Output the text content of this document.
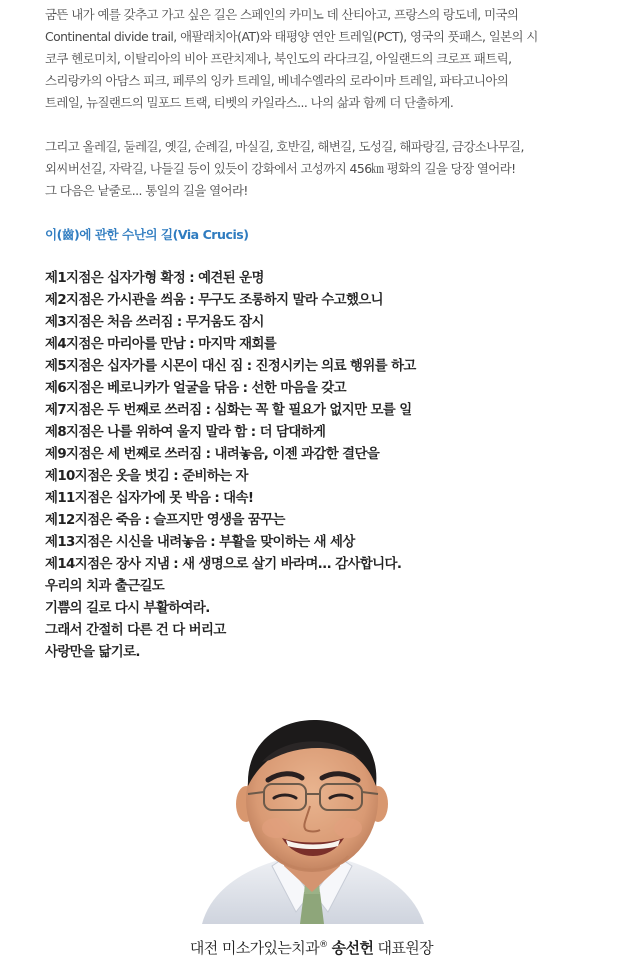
굼뜬 내가 예를 갖추고 가고 싶은 길은 스페인의 카미노 데 산티아고, 프랑스의 랑도네, 미국의
Continental divide trail, 애팔래치아(AT)와 태평양 연안 트레일(PCT), 영국의 풋패스, 일본의 시
코쿠 헨로미치, 이탈리아의 비아 프란치제나, 북인도의 라다크길, 아일랜드의 크로프 패트릭,
스리랑카의 아담스 피크, 페루의 잉카 트레일, 베네수엘라의 로라이마 트레일, 파타고니아의
트레일, 뉴질랜드의 밀포드 트랙, 티벳의 카일라스... 나의 삶과 함께 더 단출하게.

그리고 올레길, 둘레길, 옛길, 순례길, 마실길, 호반길, 해변길, 도성길, 해파랑길, 금강소나무길,
외씨버선길, 자락길, 나들길 등이 있듯이 강화에서 고성까지 456㎞ 평화의 길을 당장 열어라!
그 다음은 낱줄로... 통일의 길을 열어라!

이(齒)에 관한 수난의 길(Via Crucis)
제1지점은 십자가형 확정 : 예견된 운명
제2지점은 가시관을 씌움 : 무구도 조롱하지 말라 수고했으니
제3지점은 처음 쓰러짐 : 무거움도 잠시
제4지점은 마리아를 만남 : 마지막 재회를
제5지점은 십자가를 시몬이 대신 짐 : 진정시키는 의료 행위를 하고
제6지점은 베로니카가 얼굴을 닦음 : 선한 마음을 갖고
제7지점은 두 번째로 쓰러짐 : 심화는 꼭 할 필요가 없지만 모를 일
제8지점은 나를 위하여 울지 말라 함 : 더 담대하게
제9지점은 세 번째로 쓰러짐 : 내려놓음, 이젠 과감한 결단을
제10지점은 옷을 벗김 : 준비하는 자
제11지점은 십자가에 못 박음 : 대속!
제12지점은 죽음 : 슬프지만 영생을 꿈꾸는
제13지점은 시신을 내려놓음 : 부활을 맞이하는 새 세상
제14지점은 장사 지냄 : 새 생명으로 살기 바라며... 감사합니다.
우리의 치과 출근길도
기쁨의 길로 다시 부활하여라.
그래서 간절히 다른 건 다 버리고
사랑만을 닮기로.
대전 미소가있는치과® 송선헌 대표원장
